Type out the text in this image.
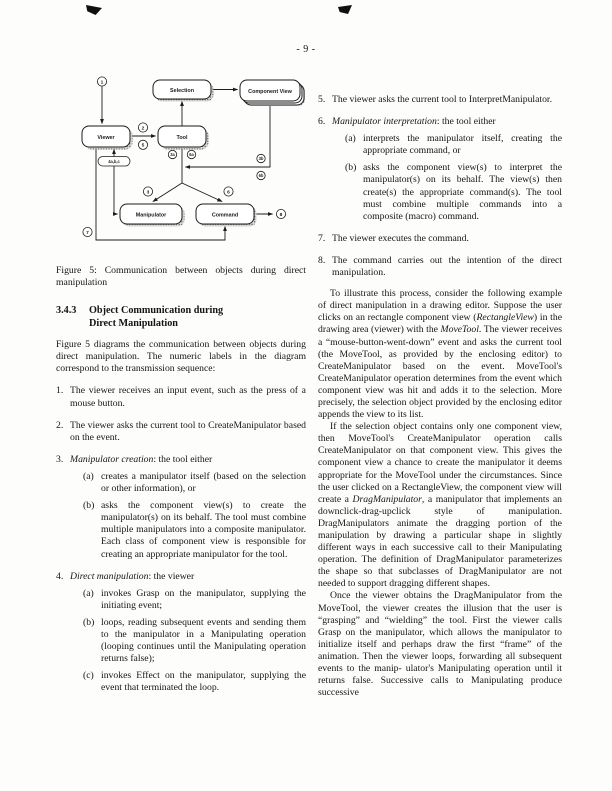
- 9 -
Selection	Component View
Viewer	Tool
Manipulator	Command
1
2
5
3a	6a
3b
6b
3	6
7
8
4a,b,c
Figure 5: Communication between objects during direct manipulation
3.4.3	Object Communication during
Direct Manipulation
Figure 5 diagrams the communication between objects during direct manipulation. The numeric labels in the diagram correspond to the transmission sequence:
1. The viewer receives an input event, such as the press of a mouse button.
2. The viewer asks the current tool to CreateManipulator based on the event.
3. Manipulator creation: the tool either
(a) creates a manipulator itself (based on the selection or other information), or
(b) asks the component view(s) to create the manipulator(s) on its behalf. The tool must combine multiple manipulators into a composite manipulator. Each class of component view is responsible for creating an appropriate manipulator for the tool.
4. Direct manipulation: the viewer
(a) invokes Grasp on the manipulator, supplying the initiating event;
(b) loops, reading subsequent events and sending them to the manipulator in a Manipulating operation (looping continues until the Manipulating operation returns false);
(c) invokes Effect on the manipulator, supplying the event that terminated the loop.
5. The viewer asks the current tool to InterpretManipulator.
6. Manipulator interpretation: the tool either
(a) interprets the manipulator itself, creating the appropriate command, or
(b) asks the component view(s) to interpret the manipulator(s) on its behalf. The view(s) then create(s) the appropriate command(s). The tool must combine multiple commands into a composite (macro) command.
7. The viewer executes the command.
8. The command carries out the intention of the direct manipulation.
To illustrate this process, consider the following example of direct manipulation in a drawing editor. Suppose the user clicks on an rectangle component view (RectangleView) in the drawing area (viewer) with the MoveTool. The viewer receives a “mouse-button-went-down” event and asks the current tool (the MoveTool, as provided by the enclosing editor) to CreateManipulator based on the event. MoveTool's CreateManipulator operation determines from the event which component view was hit and adds it to the selection. More precisely, the selection object provided by the enclosing editor appends the view to its list.
If the selection object contains only one component view, then MoveTool's CreateManipulator operation calls CreateManipulator on that component view. This gives the component view a chance to create the manipulator it deems appropriate for the MoveTool under the circumstances. Since the user clicked on a RectangleView, the component view will create a DragManipulator, a manipulator that implements an downclick-drag-upclick style of manipulation. DragManipulators animate the dragging portion of the manipulation by drawing a particular shape in slightly different ways in each successive call to their Manipulating operation. The definition of DragManipulator parameterizes the shape so that subclasses of DragManipulator are not needed to support dragging different shapes.
Once the viewer obtains the DragManipulator from the MoveTool, the viewer creates the illusion that the user is “grasping” and “wielding” the tool. First the viewer calls Grasp on the manipulator, which allows the manipulator to initialize itself and perhaps draw the first “frame” of the animation. Then the viewer loops, forwarding all subsequent events to the manip- ulator's Manipulating operation until it returns false. Successive calls to Manipulating produce successive
